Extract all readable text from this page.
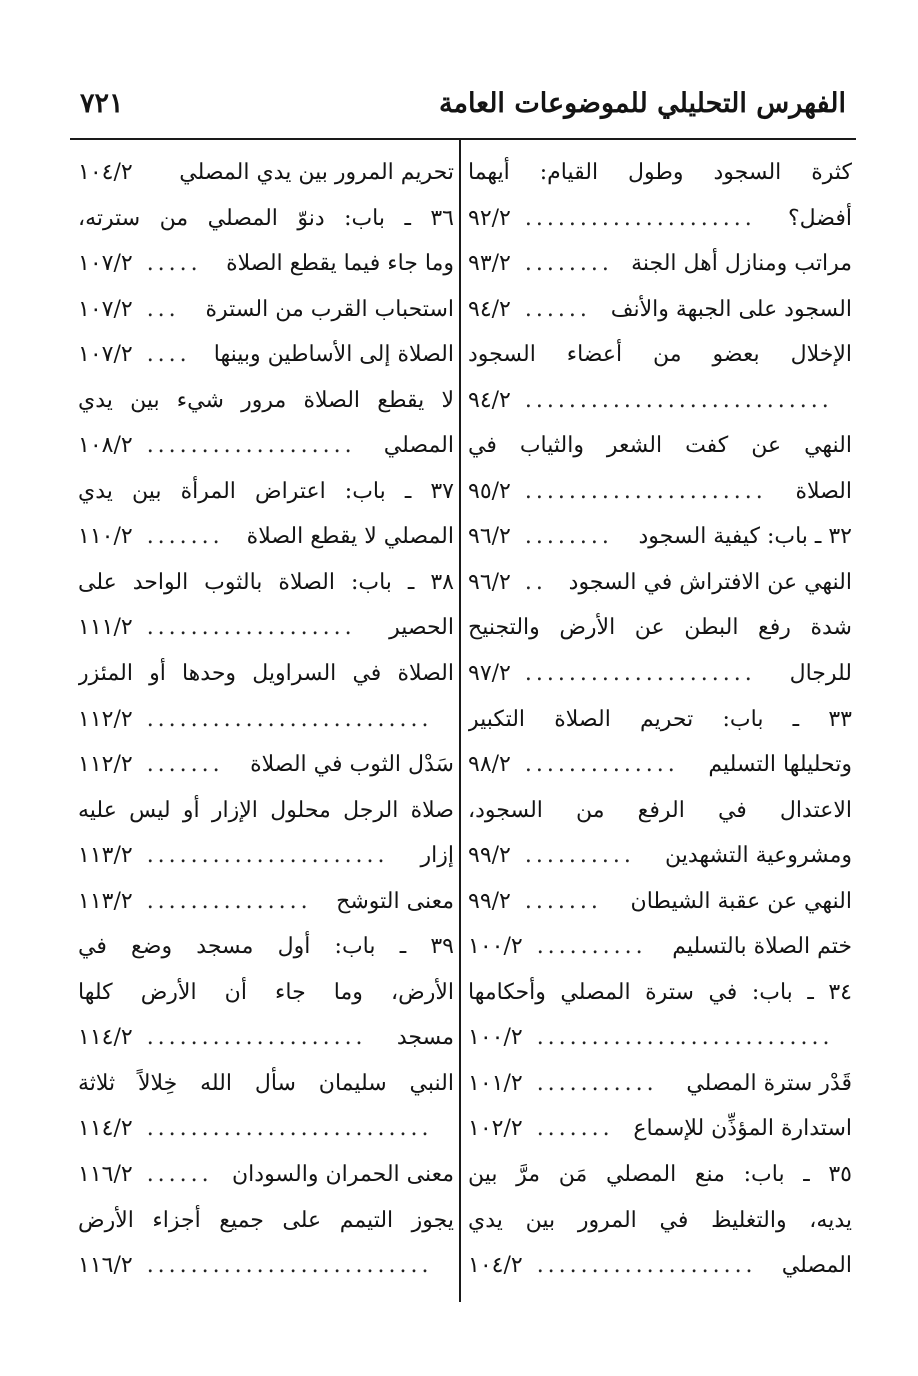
الفهرس التحليلي للموضوعات العامة
٧٢١
كثرة السجود وطول القيام: أيهما
أفضل؟
٩٢/٢ .....................
مراتب ومنازل أهل الجنة
٩٣/٢ ........
السجود على الجبهة والأنف
٩٤/٢ ......
الإخلال بعضو من أعضاء السجود
٩٤/٢ ............................
النهي عن كفت الشعر والثياب في
الصلاة
٩٥/٢ ......................
٣٢ ـ باب: كيفية السجود
٩٦/٢ ........
النهي عن الافتراش في السجود
٩٦/٢ ..
شدة رفع البطن عن الأرض والتجنيح
للرجال
٩٧/٢ .....................
٣٣ ـ باب: تحريم الصلاة التكبير
وتحليلها التسليم
٩٨/٢ ..............
الاعتدال في الرفع من السجود،
ومشروعية التشهدين
٩٩/٢ ..........
النهي عن عقبة الشيطان
٩٩/٢ .......
ختم الصلاة بالتسليم
١٠٠/٢ ..........
٣٤ ـ باب: في سترة المصلي وأحكامها
١٠٠/٢ ...........................
قَدْر سترة المصلي
١٠١/٢ ...........
استدارة المؤذِّن للإسماع
١٠٢/٢ .......
٣٥ ـ باب: منع المصلي مَن مرَّ بين
يديه، والتغليظ في المرور بين يدي
المصلي
١٠٤/٢ ....................
تحريم المرور بين يدي المصلي
١٠٤/٢
٣٦ ـ باب: دنوّ المصلي من سترته،
وما جاء فيما يقطع الصلاة
١٠٧/٢ .....
استحباب القرب من السترة
١٠٧/٢ ...
الصلاة إلى الأساطين وبينها
١٠٧/٢ ....
لا يقطع الصلاة مرور شيء بين يدي
المصلي
١٠٨/٢ ...................
٣٧ ـ باب: اعتراض المرأة بين يدي
المصلي لا يقطع الصلاة
١١٠/٢ .......
٣٨ ـ باب: الصلاة بالثوب الواحد على
الحصير
١١١/٢ ...................
الصلاة في السراويل وحدها أو المئزر
١١٢/٢ ..........................
سَدْل الثوب في الصلاة
١١٢/٢ .......
صلاة الرجل محلول الإزار أو ليس عليه
إزار
١١٣/٢ ......................
معنى التوشح
١١٣/٢ ...............
٣٩ ـ باب: أول مسجد وضع في
الأرض، وما جاء أن الأرض كلها
مسجد
١١٤/٢ ....................
النبي سليمان سأل الله خِلالاً ثلاثة
١١٤/٢ ..........................
معنى الحمران والسودان
١١٦/٢ ......
يجوز التيمم على جميع أجزاء الأرض
١١٦/٢ ..........................
